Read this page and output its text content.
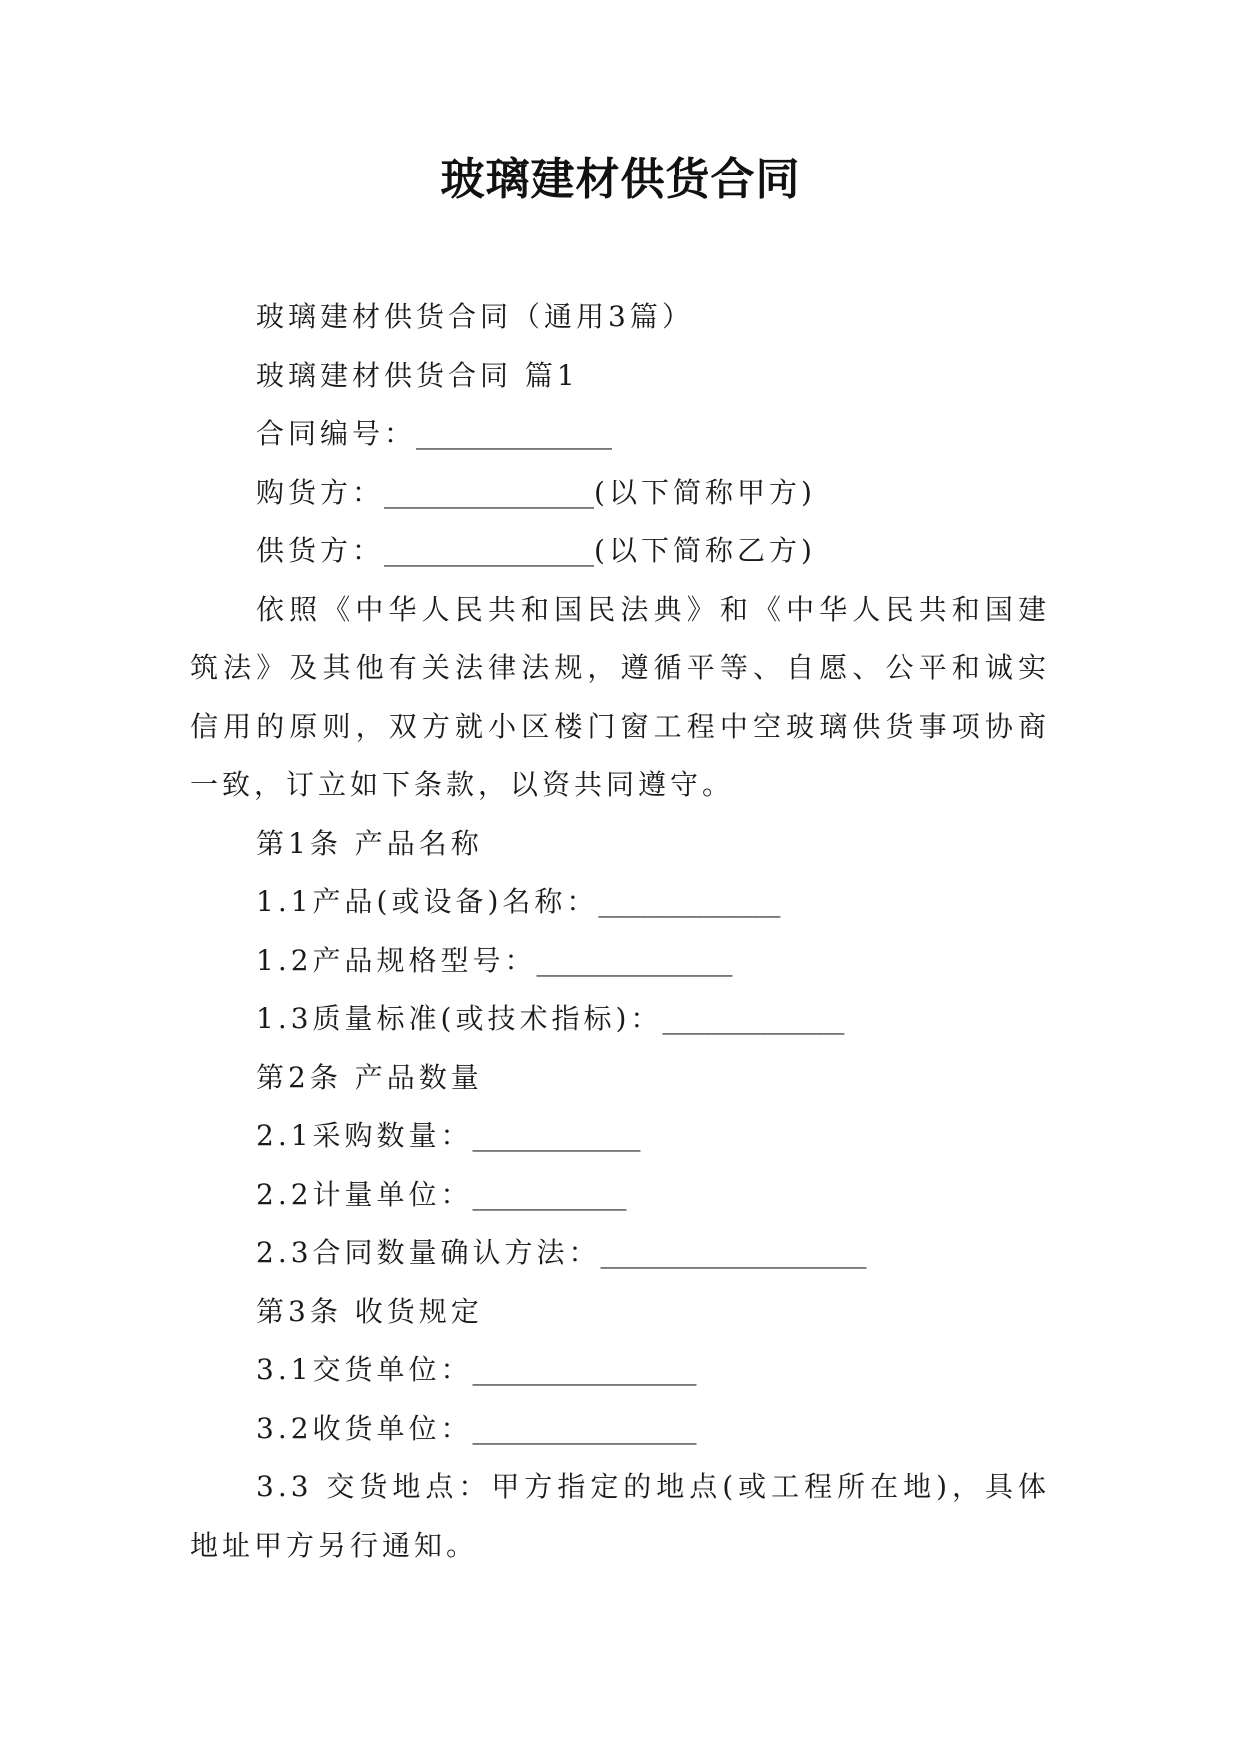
玻璃建材供货合同

玻璃建材供货合同（通用3篇）

玻璃建材供货合同 篇1

合同编号：______________

购货方：_______________(以下简称甲方)

供货方：_______________(以下简称乙方)

依照《中华人民共和国民法典》和《中华人民共和国建筑法》及其他有关法律法规，遵循平等、自愿、公平和诚实信用的原则，双方就小区楼门窗工程中空玻璃供货事项协商一致，订立如下条款，以资共同遵守。

第1条 产品名称

1.1产品(或设备)名称：_____________

1.2产品规格型号：______________

1.3质量标准(或技术指标)：_____________

第2条 产品数量

2.1采购数量：____________

2.2计量单位：___________

2.3合同数量确认方法：___________________

第3条 收货规定

3.1交货单位：________________

3.2收货单位：________________

3.3 交货地点：甲方指定的地点(或工程所在地)，具体地址甲方另行通知。
